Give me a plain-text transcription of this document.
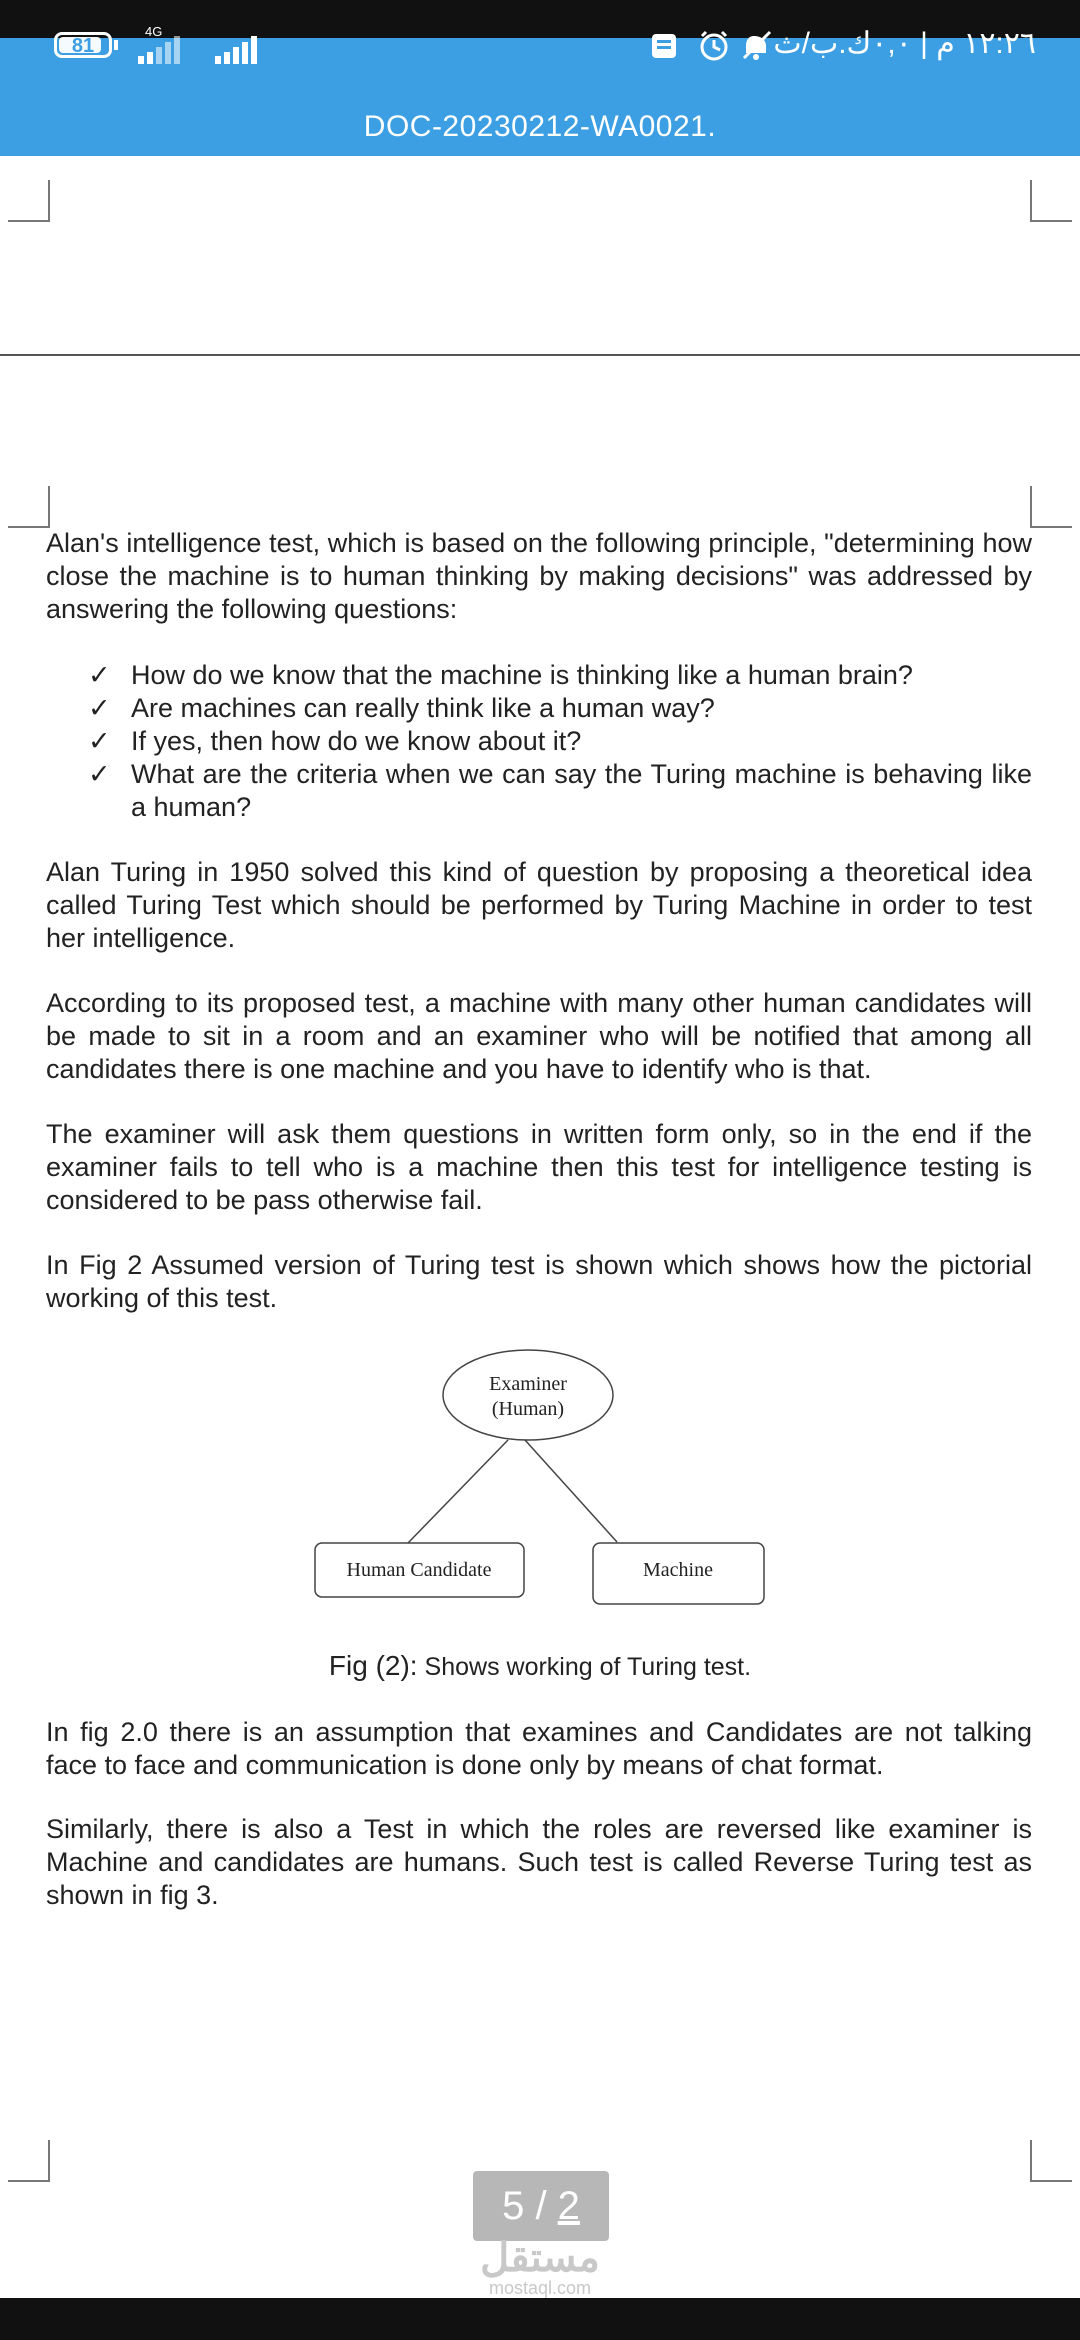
81
4G	١٢:٢٦ م | ٠,٠ك.ب/ث
DOC-20230212-WA0021.
Alan's intelligence test, which is based on the following principle, "determining how close the machine is to human thinking by making decisions" was addressed by answering the following questions:
✓ How do we know that the machine is thinking like a human brain?
✓ Are machines can really think like a human way?
✓ If yes, then how do we know about it?
✓ What are the criteria when we can say the Turing machine is behaving like a human?
Alan Turing in 1950 solved this kind of question by proposing a theoretical idea called Turing Test which should be performed by Turing Machine in order to test her intelligence.
According to its proposed test, a machine with many other human candidates will be made to sit in a room and an examiner who will be notified that among all candidates there is one machine and you have to identify who is that.
The examiner will ask them questions in written form only, so in the end if the examiner fails to tell who is a machine then this test for intelligence testing is considered to be pass otherwise fail.
In Fig 2 Assumed version of Turing test is shown which shows how the pictorial working of this test.
Examiner
(Human)
Human Candidate	Machine
Fig (2): Shows working of Turing test.
In fig 2.0 there is an assumption that examines and Candidates are not talking face to face and communication is done only by means of chat format.
Similarly, there is also a Test in which the roles are reversed like examiner is Machine and candidates are humans. Such test is called Reverse Turing test as shown in fig 3.
5 / 2
مستقل
mostaql.com
